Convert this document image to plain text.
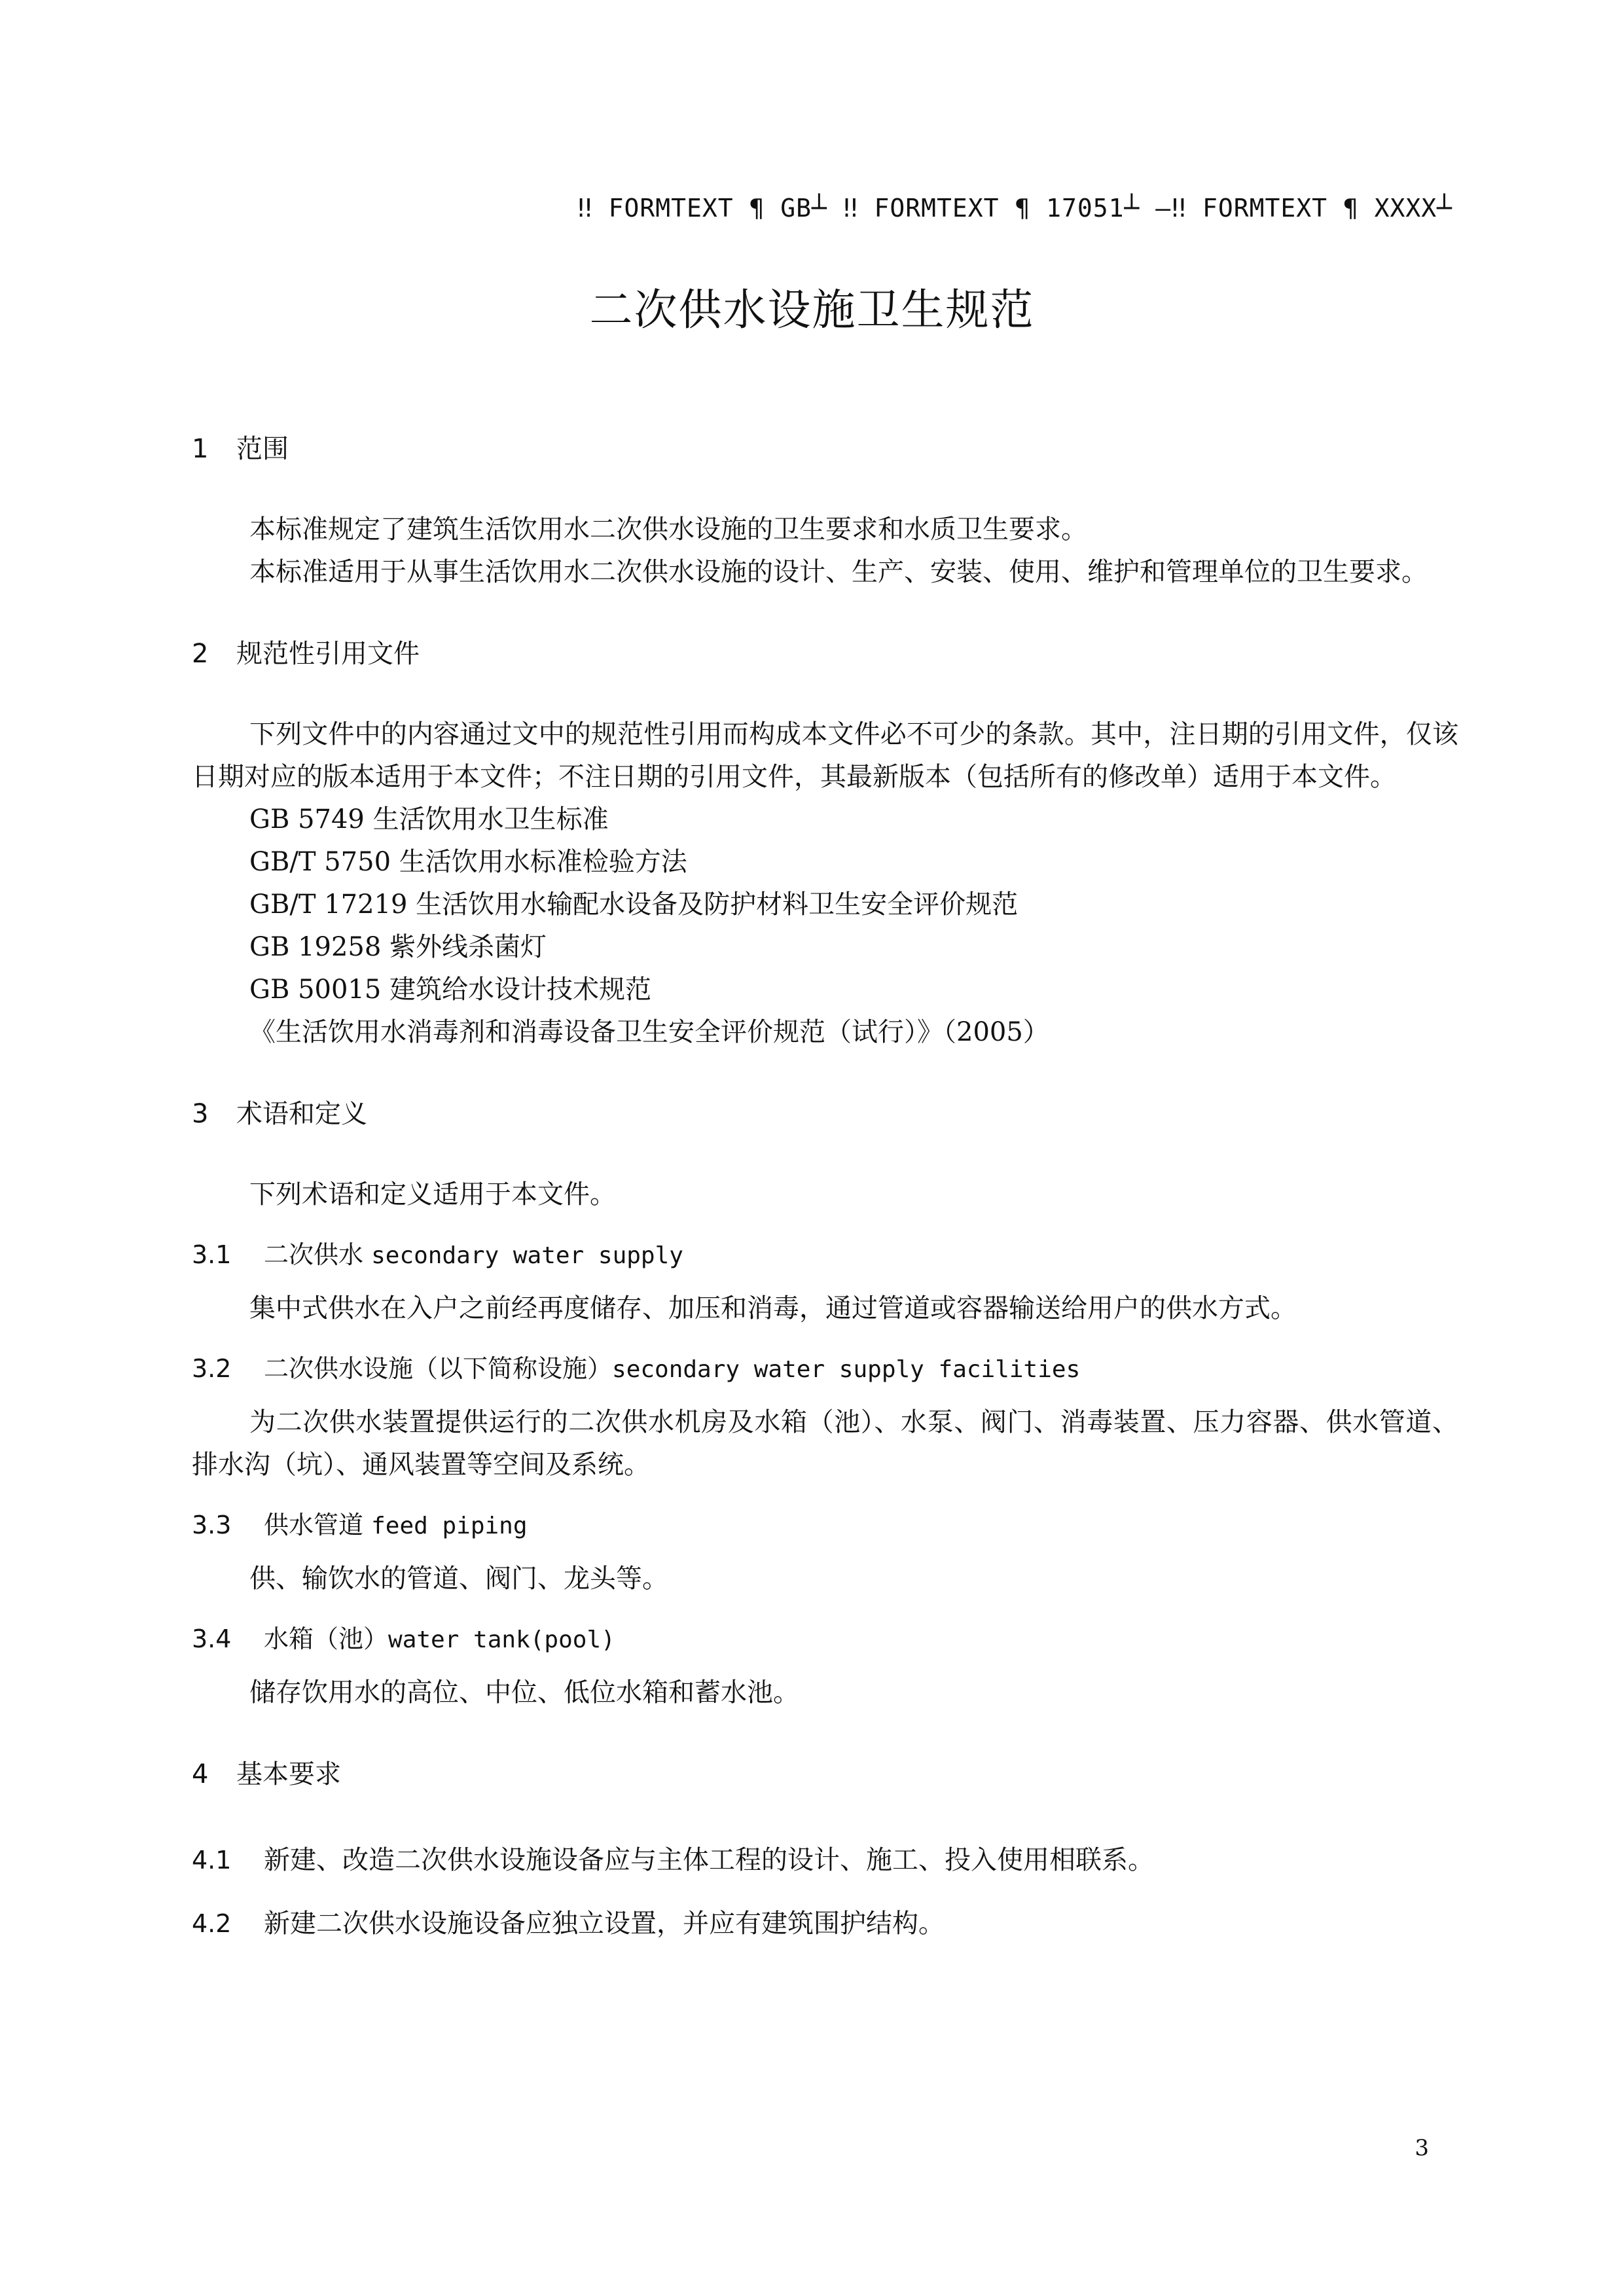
‼ FORMTEXT ¶ GB┴ ‼ FORMTEXT ¶ 17051┴ —‼ FORMTEXT ¶ XXXX┴
二次供水设施卫生规范
1 范围

本标准规定了建筑生活饮用水二次供水设施的卫生要求和水质卫生要求。

本标准适用于从事生活饮用水二次供水设施的设计、生产、安装、使用、维护和管理单位的卫生要求。

2 规范性引用文件

下列文件中的内容通过文中的规范性引用而构成本文件必不可少的条款。其中，注日期的引用文件，仅该日期对应的版本适用于本文件；不注日期的引用文件，其最新版本（包括所有的修改单）适用于本文件。

GB 5749 生活饮用水卫生标准

GB/T 5750 生活饮用水标准检验方法

GB/T 17219 生活饮用水输配水设备及防护材料卫生安全评价规范

GB 19258 紫外线杀菌灯

GB 50015 建筑给水设计技术规范

《生活饮用水消毒剂和消毒设备卫生安全评价规范（试行）》（2005）

3 术语和定义

下列术语和定义适用于本文件。

3.1 二次供水 secondary water supply

集中式供水在入户之前经再度储存、加压和消毒，通过管道或容器输送给用户的供水方式。

3.2 二次供水设施（以下简称设施）secondary water supply facilities

为二次供水装置提供运行的二次供水机房及水箱（池）、水泵、阀门、消毒装置、压力容器、供水管道、排水沟（坑）、通风装置等空间及系统。

3.3 供水管道 feed piping

供、输饮水的管道、阀门、龙头等。

3.4 水箱（池）water tank(pool)

储存饮用水的高位、中位、低位水箱和蓄水池。

4 基本要求
4.1 新建、改造二次供水设施设备应与主体工程的设计、施工、投入使用相联系。
4.2 新建二次供水设施设备应独立设置，并应有建筑围护结构。
3
